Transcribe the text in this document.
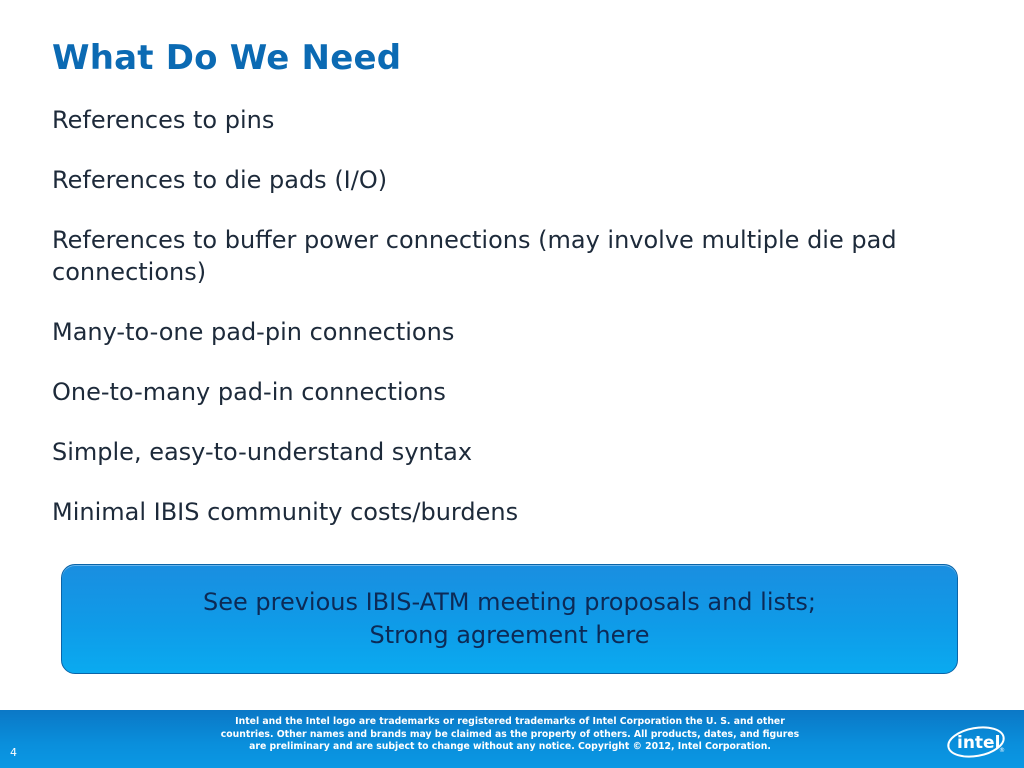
What Do We Need
References to pins
References to die pads (I/O)
References to buffer power connections (may involve multiple die pad connections)
Many-to-one pad-pin connections
One-to-many pad-in connections
Simple, easy-to-understand syntax
Minimal IBIS community costs/burdens
See previous IBIS-ATM meeting proposals and lists;
Strong agreement here
Intel and the Intel logo are trademarks or registered trademarks of Intel Corporation the U. S. and other
countries. Other names and brands may be claimed as the property of others. All products, dates, and figures
are preliminary and are subject to change without any notice. Copyright © 2012, Intel Corporation.
4	intel
®
